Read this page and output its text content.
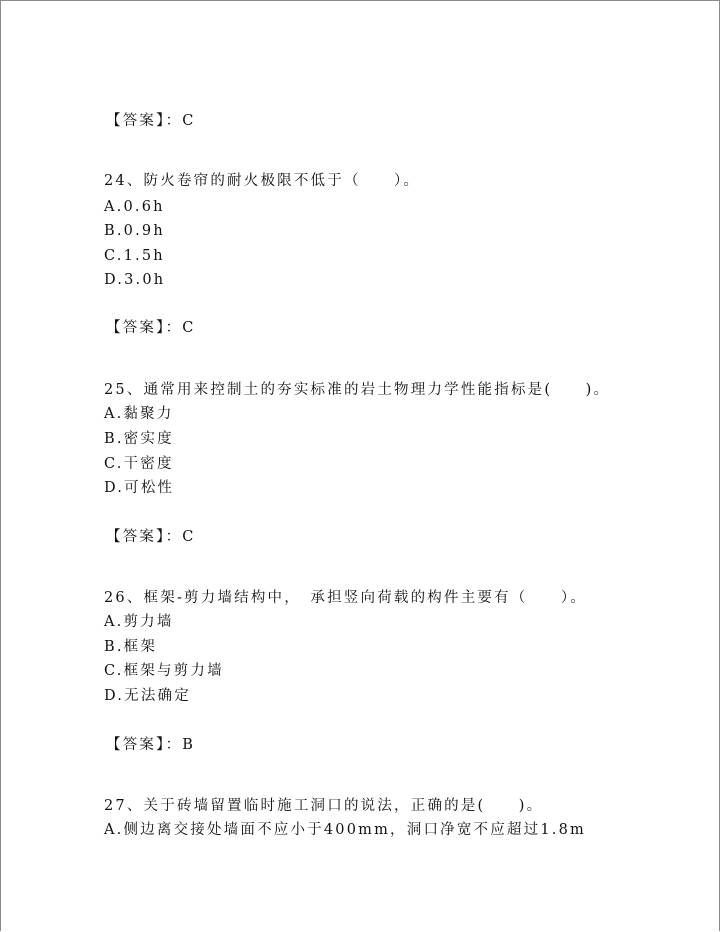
【答案】：C
24、防火卷帘的耐火极限不低于（　　）。
A.0.6h
B.0.9h
C.1.5h
D.3.0h
【答案】：C
25、通常用来控制土的夯实标准的岩土物理力学性能指标是(　　)。
A.黏聚力
B.密实度
C.干密度
D.可松性
【答案】：C
26、框架-剪力墙结构中，　承担竖向荷载的构件主要有（　　）。
A.剪力墙
B.框架
C.框架与剪力墙
D.无法确定
【答案】：B
27、关于砖墙留置临时施工洞口的说法，正确的是(　　)。
A.侧边离交接处墙面不应小于400mm，洞口净宽不应超过1.8m
